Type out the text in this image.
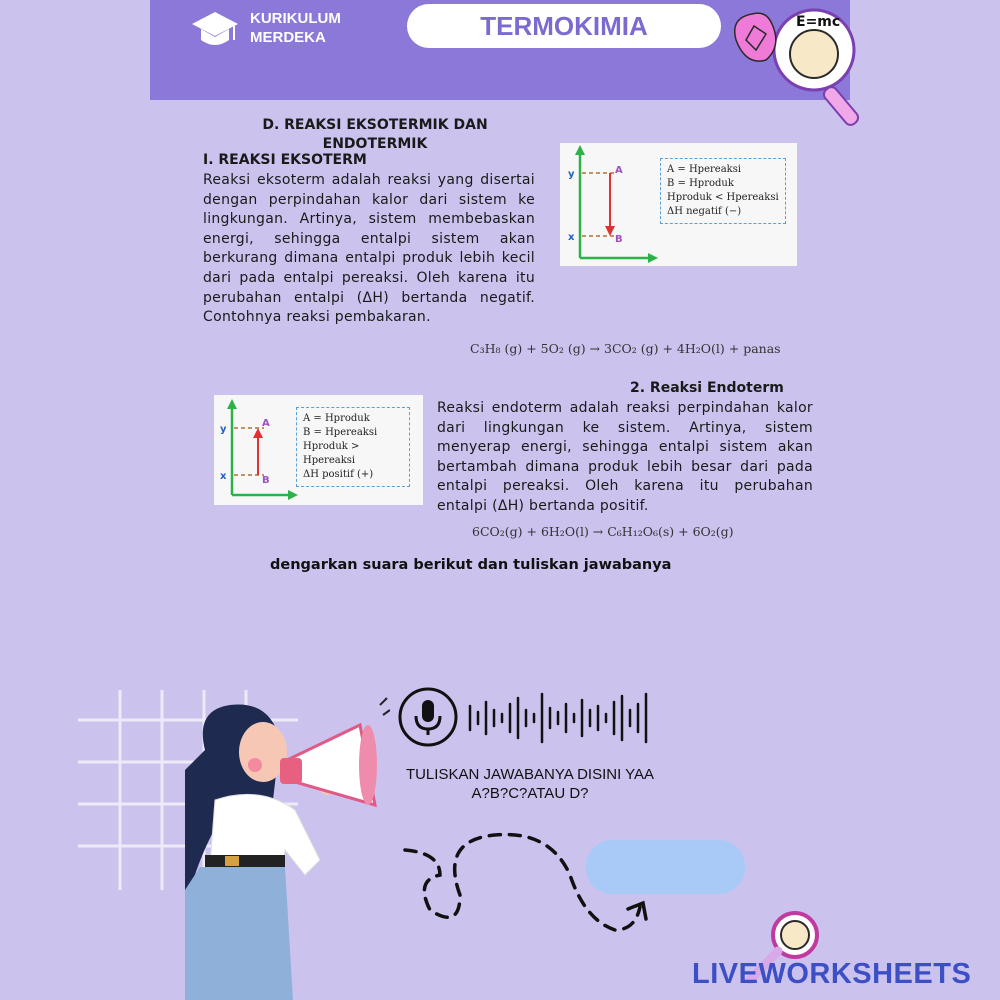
KURIKULUM
MERDEKA	TERMOKIMIA	E=mc
D. REAKSI EKSOTERMIK DAN
ENDOTERMIK
I. REAKSI EKSOTERM
Reaksi eksoterm adalah reaksi yang disertai dengan perpindahan kalor dari sistem ke lingkungan. Artinya, sistem membebaskan energi, sehingga entalpi sistem akan berkurang dimana entalpi produk lebih kecil dari pada entalpi pereaksi. Oleh karena itu perubahan entalpi (ΔH) bertanda negatif. Contohnya reaksi pembakaran.
y
x
A
B
A = Hpereaksi
B = Hproduk
Hproduk < Hpereaksi
ΔH negatif (−)
C₃H₈ (g) + 5O₂ (g) → 3CO₂ (g) + 4H₂O(l) + panas
2. Reaksi Endoterm
y
x
A
B
A = Hproduk
B = Hpereaksi
Hproduk > Hpereaksi
ΔH positif (+)
Reaksi endoterm adalah reaksi perpindahan kalor dari lingkungan ke sistem. Artinya, sistem menyerap energi, sehingga entalpi sistem akan bertambah dimana produk lebih besar dari pada entalpi pereaksi. Oleh karena itu perubahan entalpi (ΔH) bertanda positif.
6CO₂(g) + 6H₂O(l) → C₆H₁₂O₆(s) + 6O₂(g)
dengarkan suara berikut dan tuliskan jawabanya
TULISKAN JAWABANYA DISINI YAA
A?B?C?ATAU D?
LIVEWORKSHEETS
